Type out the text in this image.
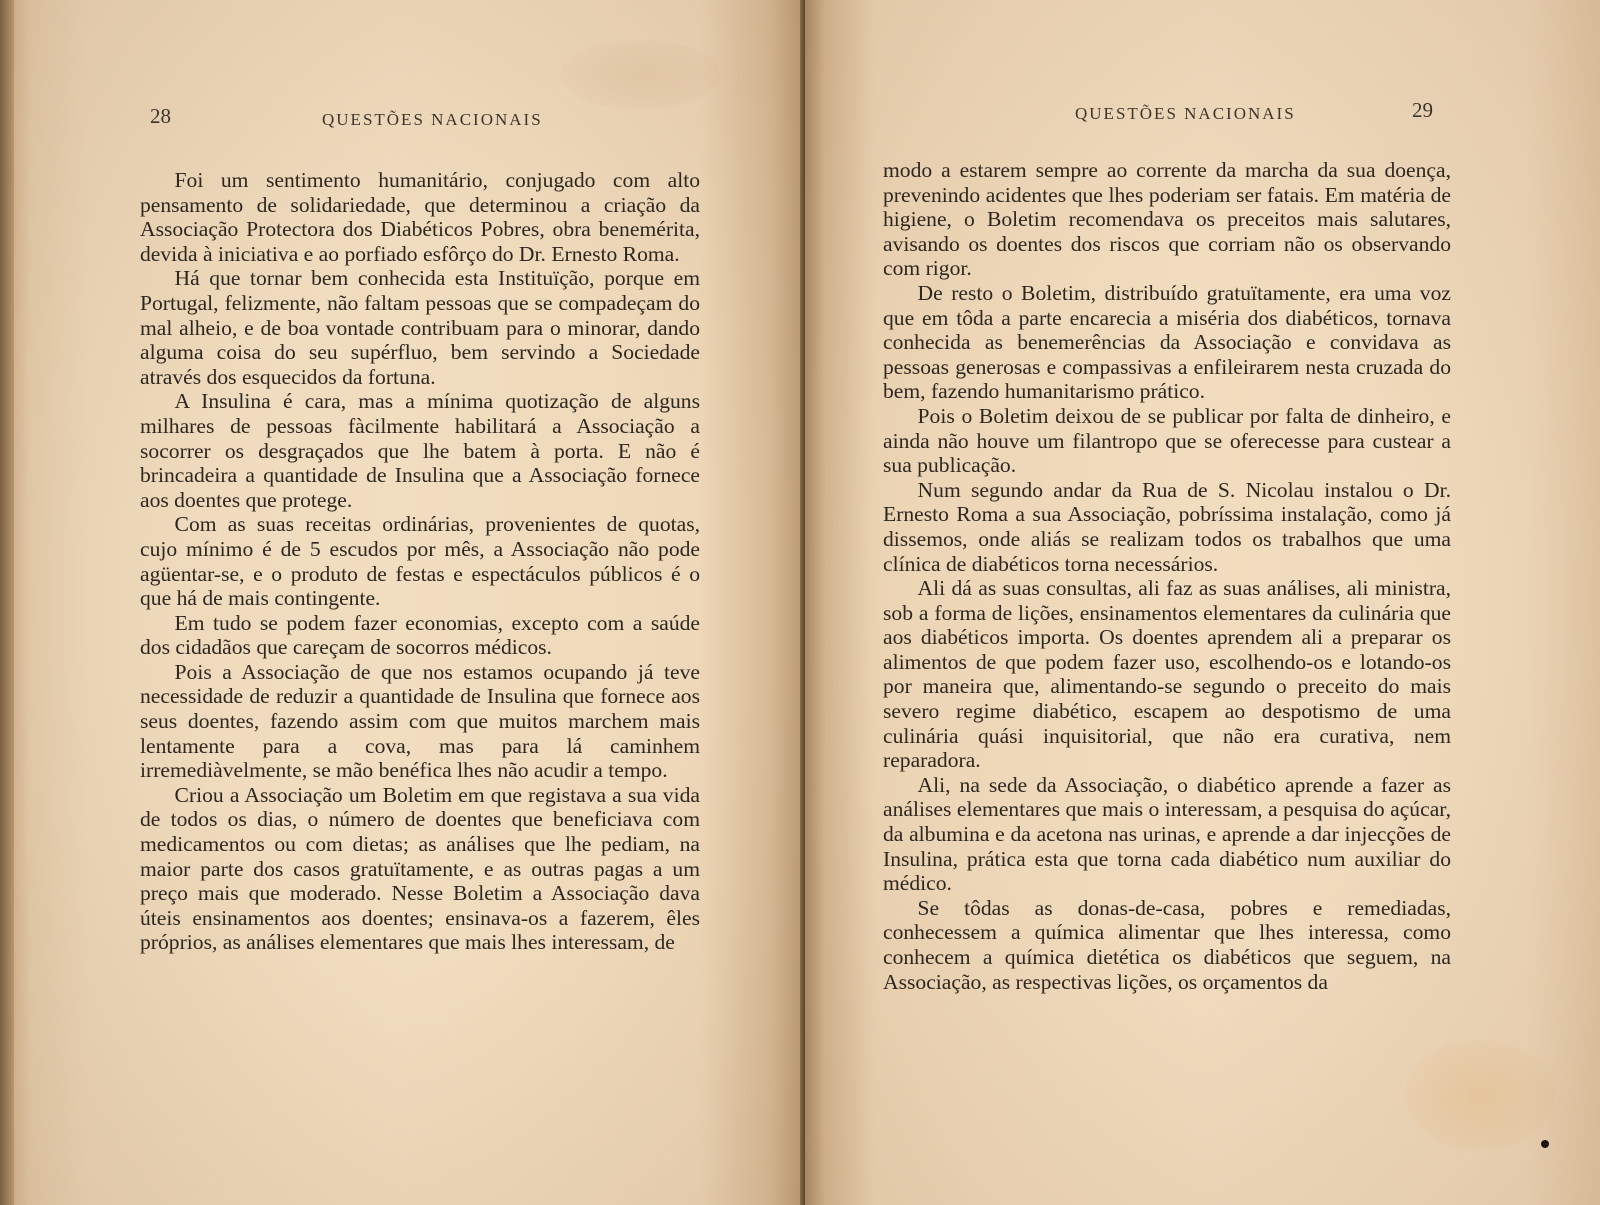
28	QUESTÕES NACIONAIS

Foi um sentimento humanitário, conjugado com alto pensamento de solidariedade, que determinou a criação da Associação Protectora dos Diabéticos Pobres, obra benemérita, devida à iniciativa e ao porfiado esfôrço do Dr. Ernesto Roma.

Há que tornar bem conhecida esta Instituïção, porque em Portugal, felizmente, não faltam pessoas que se compadeçam do mal alheio, e de boa vontade contribuam para o minorar, dando alguma coisa do seu supérfluo, bem servindo a Sociedade através dos esquecidos da fortuna.

A Insulina é cara, mas a mínima quotização de alguns milhares de pessoas fàcilmente habilitará a Associação a socorrer os desgraçados que lhe batem à porta. E não é brincadeira a quantidade de Insulina que a Associação fornece aos doentes que protege.

Com as suas receitas ordinárias, provenientes de quotas, cujo mínimo é de 5 escudos por mês, a Associação não pode agüentar-se, e o produto de festas e espectáculos públicos é o que há de mais contingente.

Em tudo se podem fazer economias, excepto com a saúde dos cidadãos que careçam de socorros médicos.

Pois a Associação de que nos estamos ocupando já teve necessidade de reduzir a quantidade de Insulina que fornece aos seus doentes, fazendo assim com que muitos marchem mais lentamente para a cova, mas para lá caminhem irremediàvelmente, se mão benéfica lhes não acudir a tempo.

Criou a Associação um Boletim em que registava a sua vida de todos os dias, o número de doentes que beneficiava com medicamentos ou com dietas; as análises que lhe pediam, na maior parte dos casos gratuïtamente, e as outras pagas a um preço mais que moderado. Nesse Boletim a Associação dava úteis ensinamentos aos doentes; ensinava-os a fazerem, êles próprios, as análises elementares que mais lhes interessam, de

QUESTÕES NACIONAIS	29

modo a estarem sempre ao corrente da marcha da sua doença, prevenindo acidentes que lhes poderiam ser fatais. Em matéria de higiene, o Boletim recomendava os preceitos mais salutares, avisando os doentes dos riscos que corriam não os observando com rigor.

De resto o Boletim, distribuído gratuïtamente, era uma voz que em tôda a parte encarecia a miséria dos diabéticos, tornava conhecida as benemerências da Associação e convidava as pessoas generosas e compassivas a enfileirarem nesta cruzada do bem, fazendo humanitarismo prático.

Pois o Boletim deixou de se publicar por falta de dinheiro, e ainda não houve um filantropo que se oferecesse para custear a sua publicação.

Num segundo andar da Rua de S. Nicolau instalou o Dr. Ernesto Roma a sua Associação, pobríssima instalação, como já dissemos, onde aliás se realizam todos os trabalhos que uma clínica de diabéticos torna necessários.

Ali dá as suas consultas, ali faz as suas análises, ali ministra, sob a forma de lições, ensinamentos elementares da culinária que aos diabéticos importa. Os doentes aprendem ali a preparar os alimentos de que podem fazer uso, escolhendo-os e lotando-os por maneira que, alimentando-se segundo o preceito do mais severo regime diabético, escapem ao despotismo de uma culinária quási inquisitorial, que não era curativa, nem reparadora.

Ali, na sede da Associação, o diabético aprende a fazer as análises elementares que mais o interessam, a pesquisa do açúcar, da albumina e da acetona nas urinas, e aprende a dar injecções de Insulina, prática esta que torna cada diabético num auxiliar do médico.

Se tôdas as donas-de-casa, pobres e remediadas, conhecessem a química alimentar que lhes interessa, como conhecem a química dietética os diabéticos que seguem, na Associação, as respectivas lições, os orçamentos da
